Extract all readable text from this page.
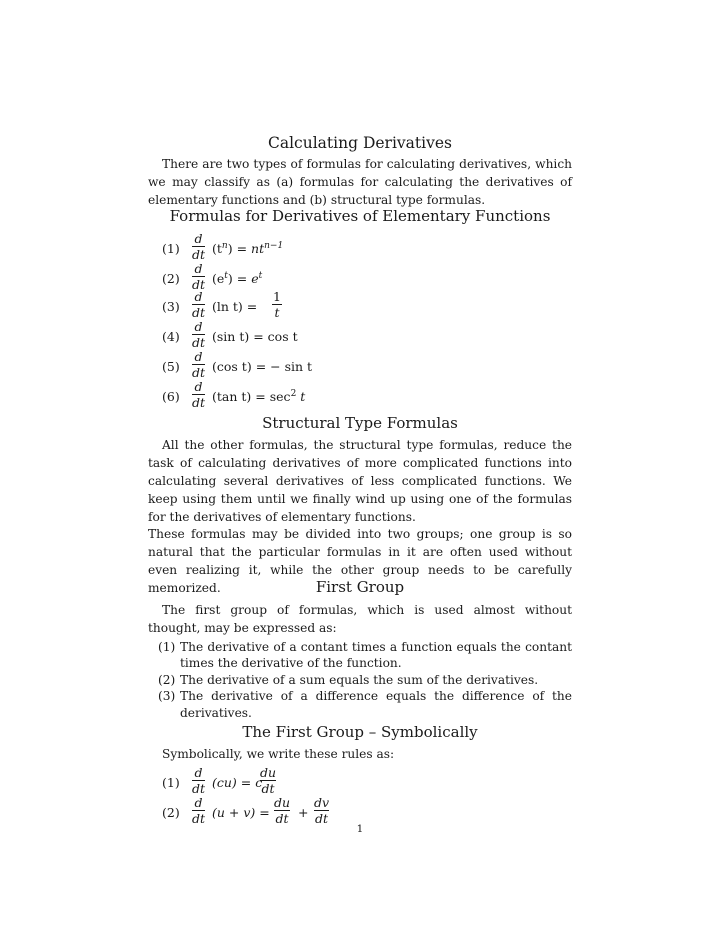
Calculating Derivatives

There are two types of formulas for calculating derivatives, which we may classify as (a) formulas for calculating the derivatives of elementary functions and (b) structural type formulas.

Formulas for Derivatives of Elementary Functions
(1)
d
dt $(t^n) = nt^{n-1}$
(2)
d
dt $(e^t) = e^t$
(3)
d
dt (ln t) =
1
t
(4)
d
dt (sin t) = cos t
(5)
d
dt (cos t) = − sin t
(6)
d
dt (tan $t) = \sec^2 t$
Structural Type Formulas

All the other formulas, the structural type formulas, reduce the task of calculating derivatives of more complicated functions into calculating several derivatives of less complicated functions. We keep using them until we finally wind up using one of the formulas for the derivatives of elementary functions.

These formulas may be divided into two groups; one group is so natural that the particular formulas in it are often used without even realizing it, while the other group needs to be carefully memorized.	First Group

The first group of formulas, which is used almost without thought, may be expressed as:

(1) The derivative of a contant times a function equals the contant times the derivative of the function.

(2) The derivative of a sum equals the sum of the derivatives.

(3) The derivative of a difference equals the difference of the derivatives.

The First Group – Symbolically

Symbolically, we write these rules as:

(1)
d
dt (cu) = c
du
dt
(2)
d
dt (u + v) =
du
dt +
dv
dt
1
